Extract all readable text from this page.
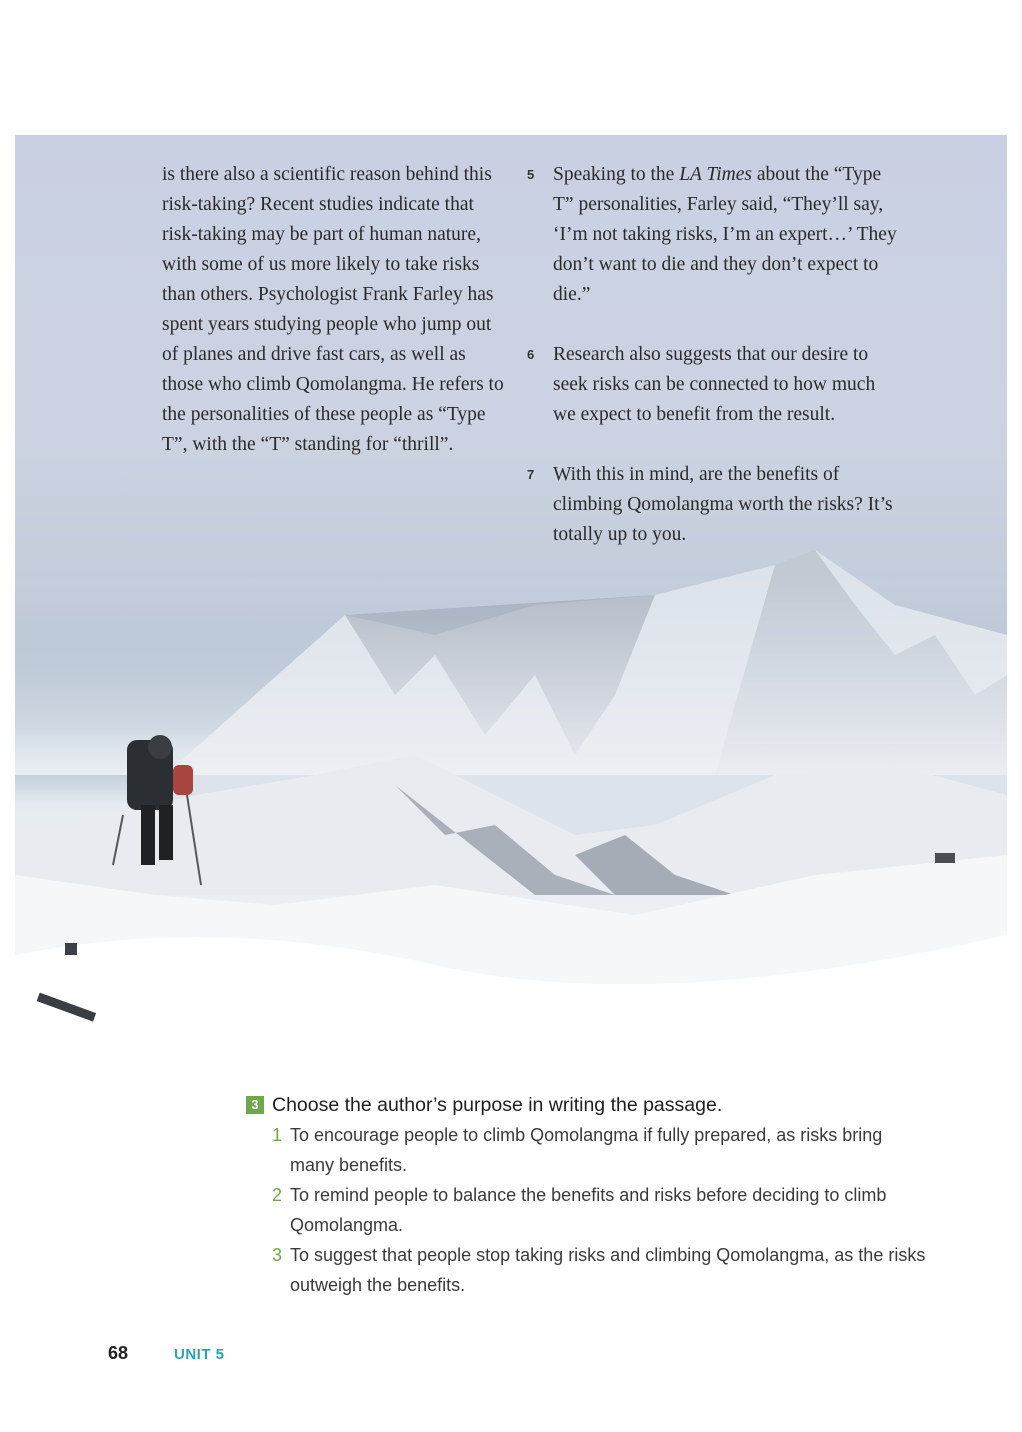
is there also a scientific reason behind this risk-taking? Recent studies indicate that risk-taking may be part of human nature, with some of us more likely to take risks than others. Psychologist Frank Farley has spent years studying people who jump out of planes and drive fast cars, as well as those who climb Qomolangma. He refers to the personalities of these people as “Type T”, with the “T” standing for “thrill”.
5 Speaking to the LA Times about the “Type T” personalities, Farley said, “They’ll say, ‘I’m not taking risks, I’m an expert…’ They don’t want to die and they don’t expect to die.”
6 Research also suggests that our desire to seek risks can be connected to how much we expect to benefit from the result.
7 With this in mind, are the benefits of climbing Qomolangma worth the risks? It’s totally up to you.
3 Choose the author’s purpose in writing the passage.
1 To encourage people to climb Qomolangma if fully prepared, as risks bring many benefits.
2 To remind people to balance the benefits and risks before deciding to climb Qomolangma.
3 To suggest that people stop taking risks and climbing Qomolangma, as the risks outweigh the benefits.
68	UNIT 5
